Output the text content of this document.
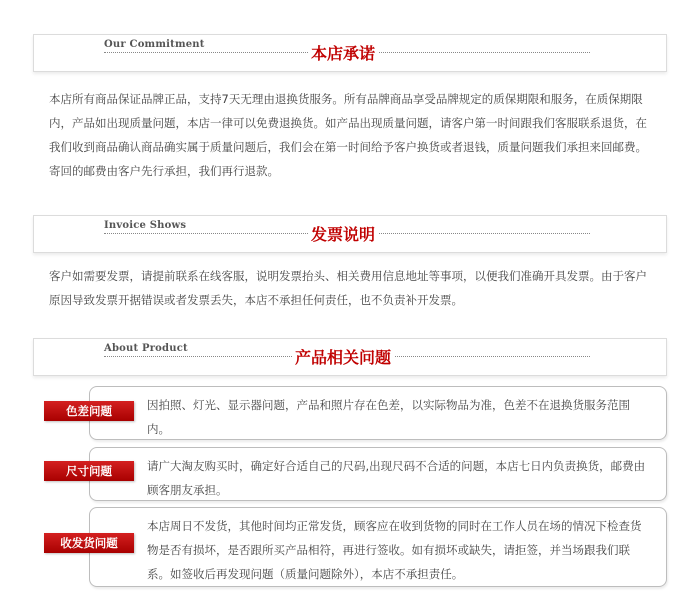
Our Commitment	本店承诺

本店所有商品保证品牌正品，支持7天无理由退换货服务。所有品牌商品享受品牌规定的质保期限和服务，在质保期限内，产品如出现质量问题，本店一律可以免费退换货。如产品出现质量问题，请客户第一时间跟我们客服联系退货，在我们收到商品确认商品确实属于质量问题后，我们会在第一时间给予客户换货或者退钱，质量问题我们承担来回邮费。寄回的邮费由客户先行承担，我们再行退款。

Invoice Shows	发票说明

客户如需要发票，请提前联系在线客服，说明发票抬头、相关费用信息地址等事项，以便我们准确开具发票。由于客户原因导致发票开据错误或者发票丢失，本店不承担任何责任，也不负责补开发票。

About Product	产品相关问题

因拍照、灯光、显示器问题，产品和照片存在色差，以实际物品为准，色差不在退换货服务范围内。

色差问题

请广大淘友购买时，确定好合适自己的尺码,出现尺码不合适的问题，本店七日内负责换货，邮费由顾客朋友承担。

尺寸问题

本店周日不发货，其他时间均正常发货，顾客应在收到货物的同时在工作人员在场的情况下检查货物是否有损坏，是否跟所买产品相符，再进行签收。如有损坏或缺失，请拒签，并当场跟我们联系。如签收后再发现问题（质量问题除外），本店不承担责任。

收发货问题
